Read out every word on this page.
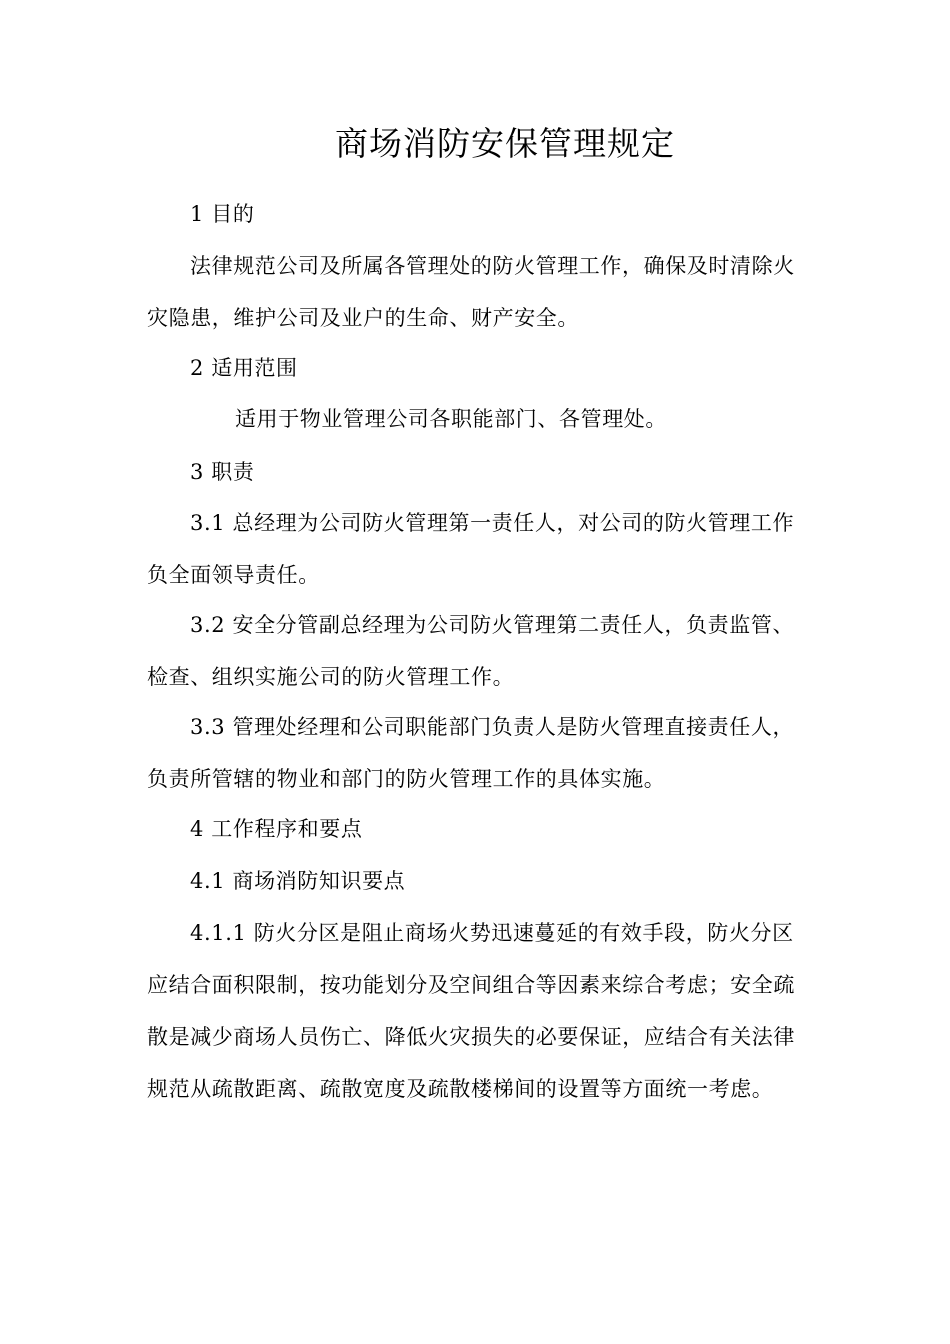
商场消防安保管理规定
1 目的
法律规范公司及所属各管理处的防火管理工作，确保及时清除火灾隐患，维护公司及业户的生命、财产安全。
2 适用范围
适用于物业管理公司各职能部门、各管理处。
3 职责
3.1 总经理为公司防火管理第一责任人，对公司的防火管理工作负全面领导责任。
3.2 安全分管副总经理为公司防火管理第二责任人，负责监管、检查、组织实施公司的防火管理工作。
3.3 管理处经理和公司职能部门负责人是防火管理直接责任人，负责所管辖的物业和部门的防火管理工作的具体实施。
4 工作程序和要点
4.1 商场消防知识要点
4.1.1 防火分区是阻止商场火势迅速蔓延的有效手段，防火分区应结合面积限制，按功能划分及空间组合等因素来综合考虑；安全疏散是减少商场人员伤亡、降低火灾损失的必要保证，应结合有关法律规范从疏散距离、疏散宽度及疏散楼梯间的设置等方面统一考虑。
